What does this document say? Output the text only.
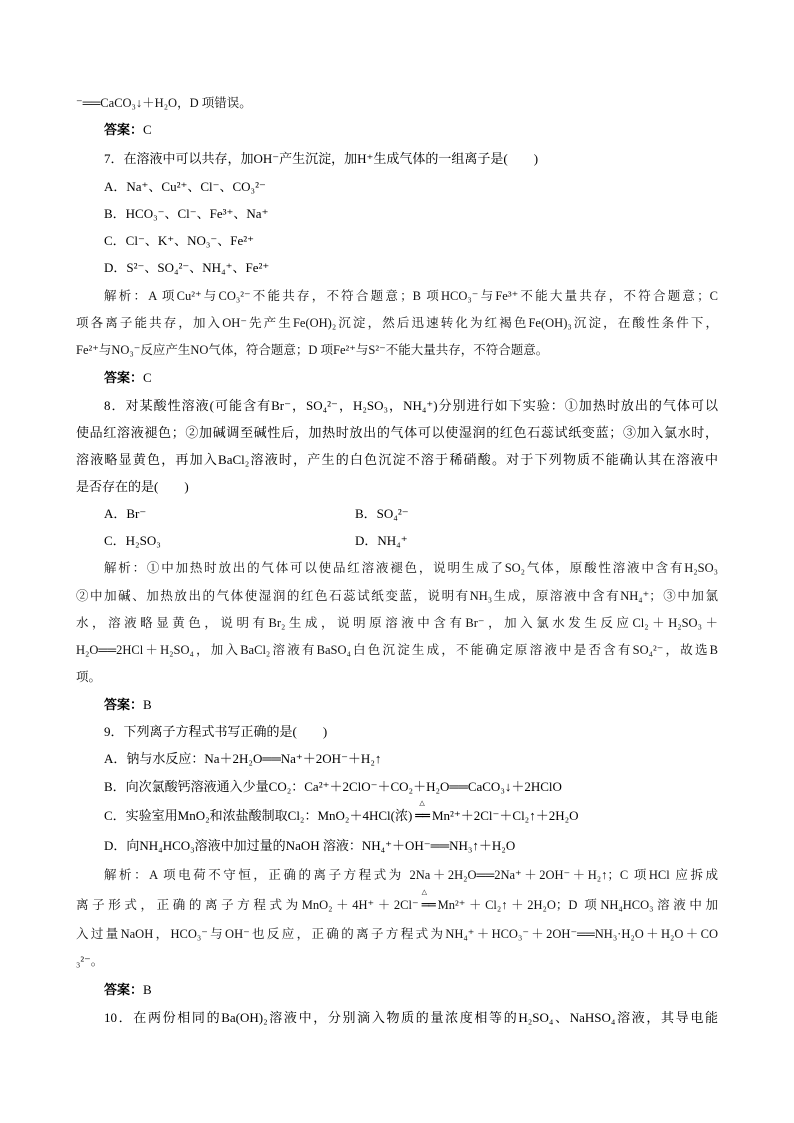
⁻══CaCO₃↓＋H₂O，D 项错误。
答案：C
7．在溶液中可以共存，加OH⁻产生沉淀，加H⁺生成气体的一组离子是(　　)
A．Na⁺、Cu²⁺、Cl⁻、CO₃²⁻
B．HCO₃⁻、Cl⁻、Fe³⁺、Na⁺
C．Cl⁻、K⁺、NO₃⁻、Fe²⁺
D．S²⁻、SO₄²⁻、NH₄⁺、Fe²⁺
解析：A 项Cu²⁺与CO₃²⁻不能共存，不符合题意；B 项HCO₃⁻与Fe³⁺不能大量共存，不符合题意；C
项各离子能共存，加入OH⁻先产生Fe(OH)₂沉淀，然后迅速转化为红褐色Fe(OH)₃沉淀，在酸性条件下，
Fe²⁺与NO₃⁻反应产生NO气体，符合题意；D 项Fe²⁺与S²⁻不能大量共存，不符合题意。
答案：C
8．对某酸性溶液(可能含有Br⁻，SO₄²⁻，H₂SO₃，NH₄⁺)分别进行如下实验：①加热时放出的气体可以
使品红溶液褪色；②加碱调至碱性后，加热时放出的气体可以使湿润的红色石蕊试纸变蓝；③加入氯水时，
溶液略显黄色，再加入BaCl₂溶液时，产生的白色沉淀不溶于稀硝酸。对于下列物质不能确认其在溶液中
是否存在的是(　　)
A．Br⁻	B．SO₄²⁻
C．H₂SO₃	D．NH₄⁺
解析：①中加热时放出的气体可以使品红溶液褪色，说明生成了SO₂气体，原酸性溶液中含有H₂SO₃
②中加碱、加热放出的气体使湿润的红色石蕊试纸变蓝，说明有NH₃生成，原溶液中含有NH₄⁺；③中加氯
水，溶液略显黄色，说明有Br₂生成，说明原溶液中含有Br⁻，加入氯水发生反应Cl₂＋H₂SO₃＋
H₂O══2HCl＋H₂SO₄，加入BaCl₂溶液有BaSO₄白色沉淀生成，不能确定原溶液中是否含有SO₄²⁻，故选B
项。
答案：B
9．下列离子方程式书写正确的是(　　)
A．钠与水反应：Na＋2H₂O══Na⁺＋2OH⁻＋H₂↑
B．向次氯酸钙溶液通入少量CO₂：Ca²⁺＋2ClO⁻＋CO₂＋H₂O══CaCO₃↓＋2HClO
C．实验室用MnO₂和浓盐酸制取Cl₂：MnO₂＋4HCl(浓)
△
══ Mn²⁺＋2Cl⁻＋Cl₂↑＋2H₂O
D．向NH₄HCO₃溶液中加过量的NaOH 溶液：NH₄⁺＋OH⁻══NH₃↑＋H₂O
解析：A 项电荷不守恒，正确的离子方程式为 2Na＋2H₂O══2Na⁺＋2OH⁻＋H₂↑；C 项HCl 应拆成
离子形式，正确的离子方程式为MnO₂＋4H⁺＋2Cl⁻
△
══ Mn²⁺＋Cl₂↑＋2H₂O；D 项NH₄HCO₃溶液中加
入过量NaOH，HCO₃⁻与OH⁻也反应，正确的离子方程式为NH₄⁺＋HCO₃⁻＋2OH⁻══NH₃·H₂O＋H₂O＋CO
₃²⁻。
答案：B
10．在两份相同的Ba(OH)₂溶液中，分别滴入物质的量浓度相等的H₂SO₄、NaHSO₄溶液，其导电能
